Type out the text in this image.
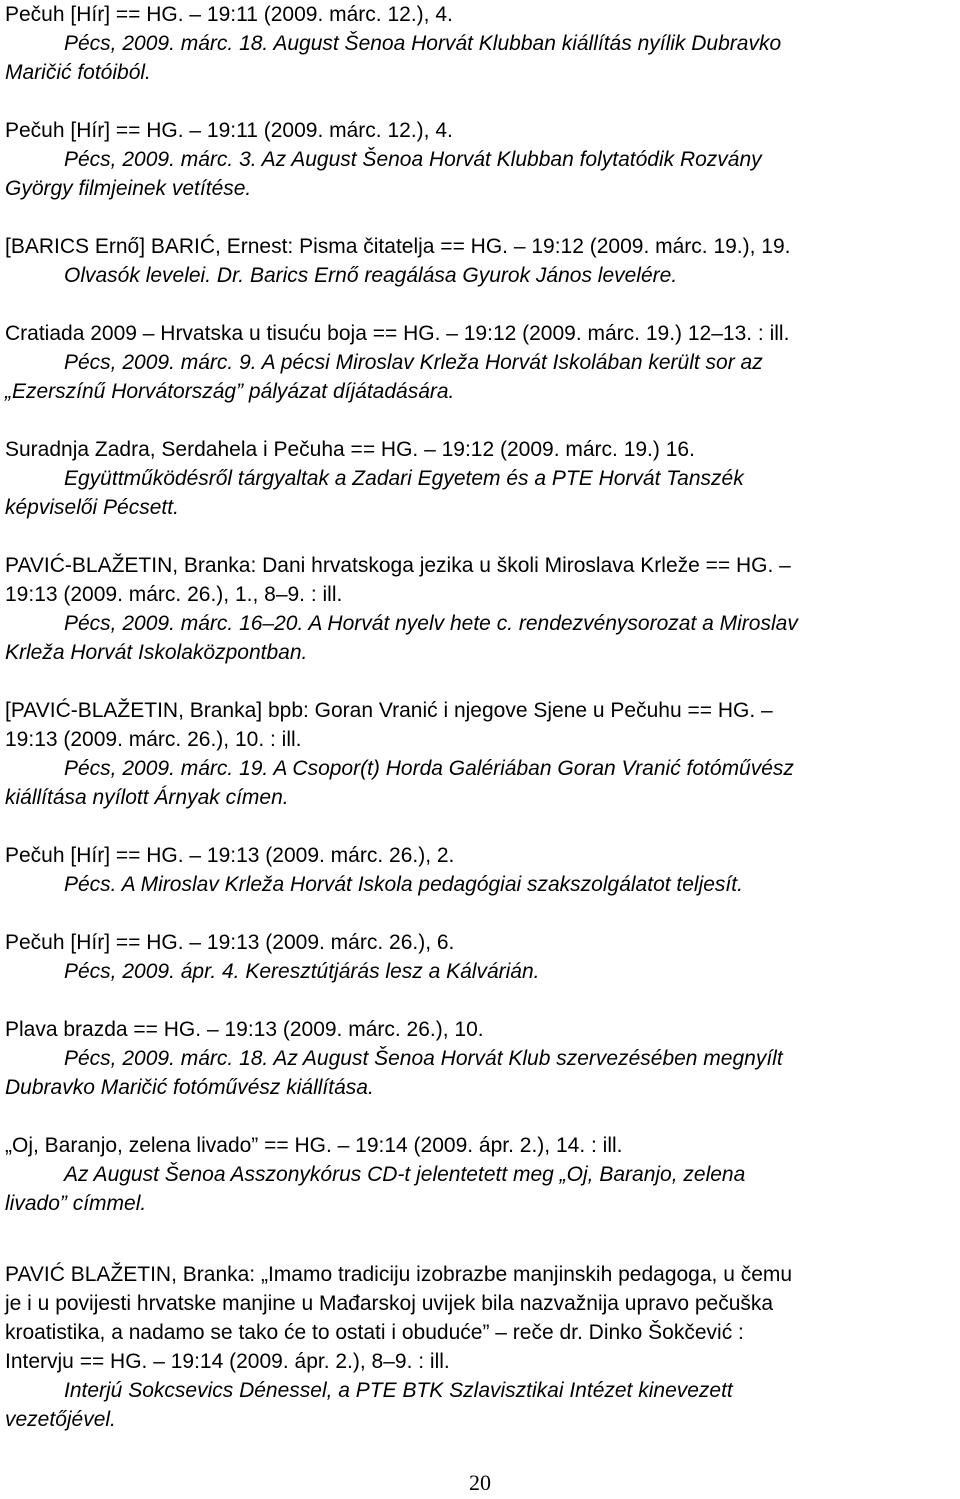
Pečuh [Hír] == HG. – 19:11 (2009. márc. 12.), 4.
Pécs, 2009. márc. 18. August Šenoa Horvát Klubban kiállítás nyílik Dubravko
Maričić fotóiból.
Pečuh [Hír] == HG. – 19:11 (2009. márc. 12.), 4.
Pécs, 2009. márc. 3. Az August Šenoa Horvát Klubban folytatódik Rozvány
György filmjeinek vetítése.
[BARICS Ernő] BARIĆ, Ernest: Pisma čitatelja == HG. – 19:12 (2009. márc. 19.), 19.
Olvasók levelei. Dr. Barics Ernő reagálása Gyurok János levelére.
Cratiada 2009 – Hrvatska u tisuću boja == HG. – 19:12 (2009. márc. 19.) 12–13. : ill.
Pécs, 2009. márc. 9. A pécsi Miroslav Krleža Horvát Iskolában került sor az
„Ezerszínű Horvátország” pályázat díjátadására.
Suradnja Zadra, Serdahela i Pečuha == HG. – 19:12 (2009. márc. 19.) 16.
Együttműködésről tárgyaltak a Zadari Egyetem és a PTE Horvát Tanszék
képviselői Pécsett.
PAVIĆ-BLAŽETIN, Branka: Dani hrvatskoga jezika u školi Miroslava Krleže == HG. –
19:13 (2009. márc. 26.), 1., 8–9. : ill.
Pécs, 2009. márc. 16–20. A Horvát nyelv hete c. rendezvénysorozat a Miroslav
Krleža Horvát Iskolaközpontban.
[PAVIĆ-BLAŽETIN, Branka] bpb: Goran Vranić i njegove Sjene u Pečuhu == HG. –
19:13 (2009. márc. 26.), 10. : ill.
Pécs, 2009. márc. 19. A Csopor(t) Horda Galériában Goran Vranić fotóművész
kiállítása nyílott Árnyak címen.
Pečuh [Hír] == HG. – 19:13 (2009. márc. 26.), 2.
Pécs. A Miroslav Krleža Horvát Iskola pedagógiai szakszolgálatot teljesít.
Pečuh [Hír] == HG. – 19:13 (2009. márc. 26.), 6.
Pécs, 2009. ápr. 4. Keresztútjárás lesz a Kálvárián.
Plava brazda == HG. – 19:13 (2009. márc. 26.), 10.
Pécs, 2009. márc. 18. Az August Šenoa Horvát Klub szervezésében megnyílt
Dubravko Maričić fotóművész kiállítása.
„Oj, Baranjo, zelena livado” == HG. – 19:14 (2009. ápr. 2.), 14. : ill.
Az August Šenoa Asszonykórus CD-t jelentetett meg „Oj, Baranjo, zelena
livado” címmel.
PAVIĆ BLAŽETIN, Branka: „Imamo tradiciju izobrazbe manjinskih pedagoga, u čemu
je i u povijesti hrvatske manjine u Mađarskoj uvijek bila nazvažnija upravo pečuška
kroatistika, a nadamo se tako će to ostati i obuduće” – reče dr. Dinko Šokčević :
Intervju == HG. – 19:14 (2009. ápr. 2.), 8–9. : ill.
Interjú Sokcsevics Dénessel, a PTE BTK Szlavisztikai Intézet kinevezett
vezetőjével.
20
